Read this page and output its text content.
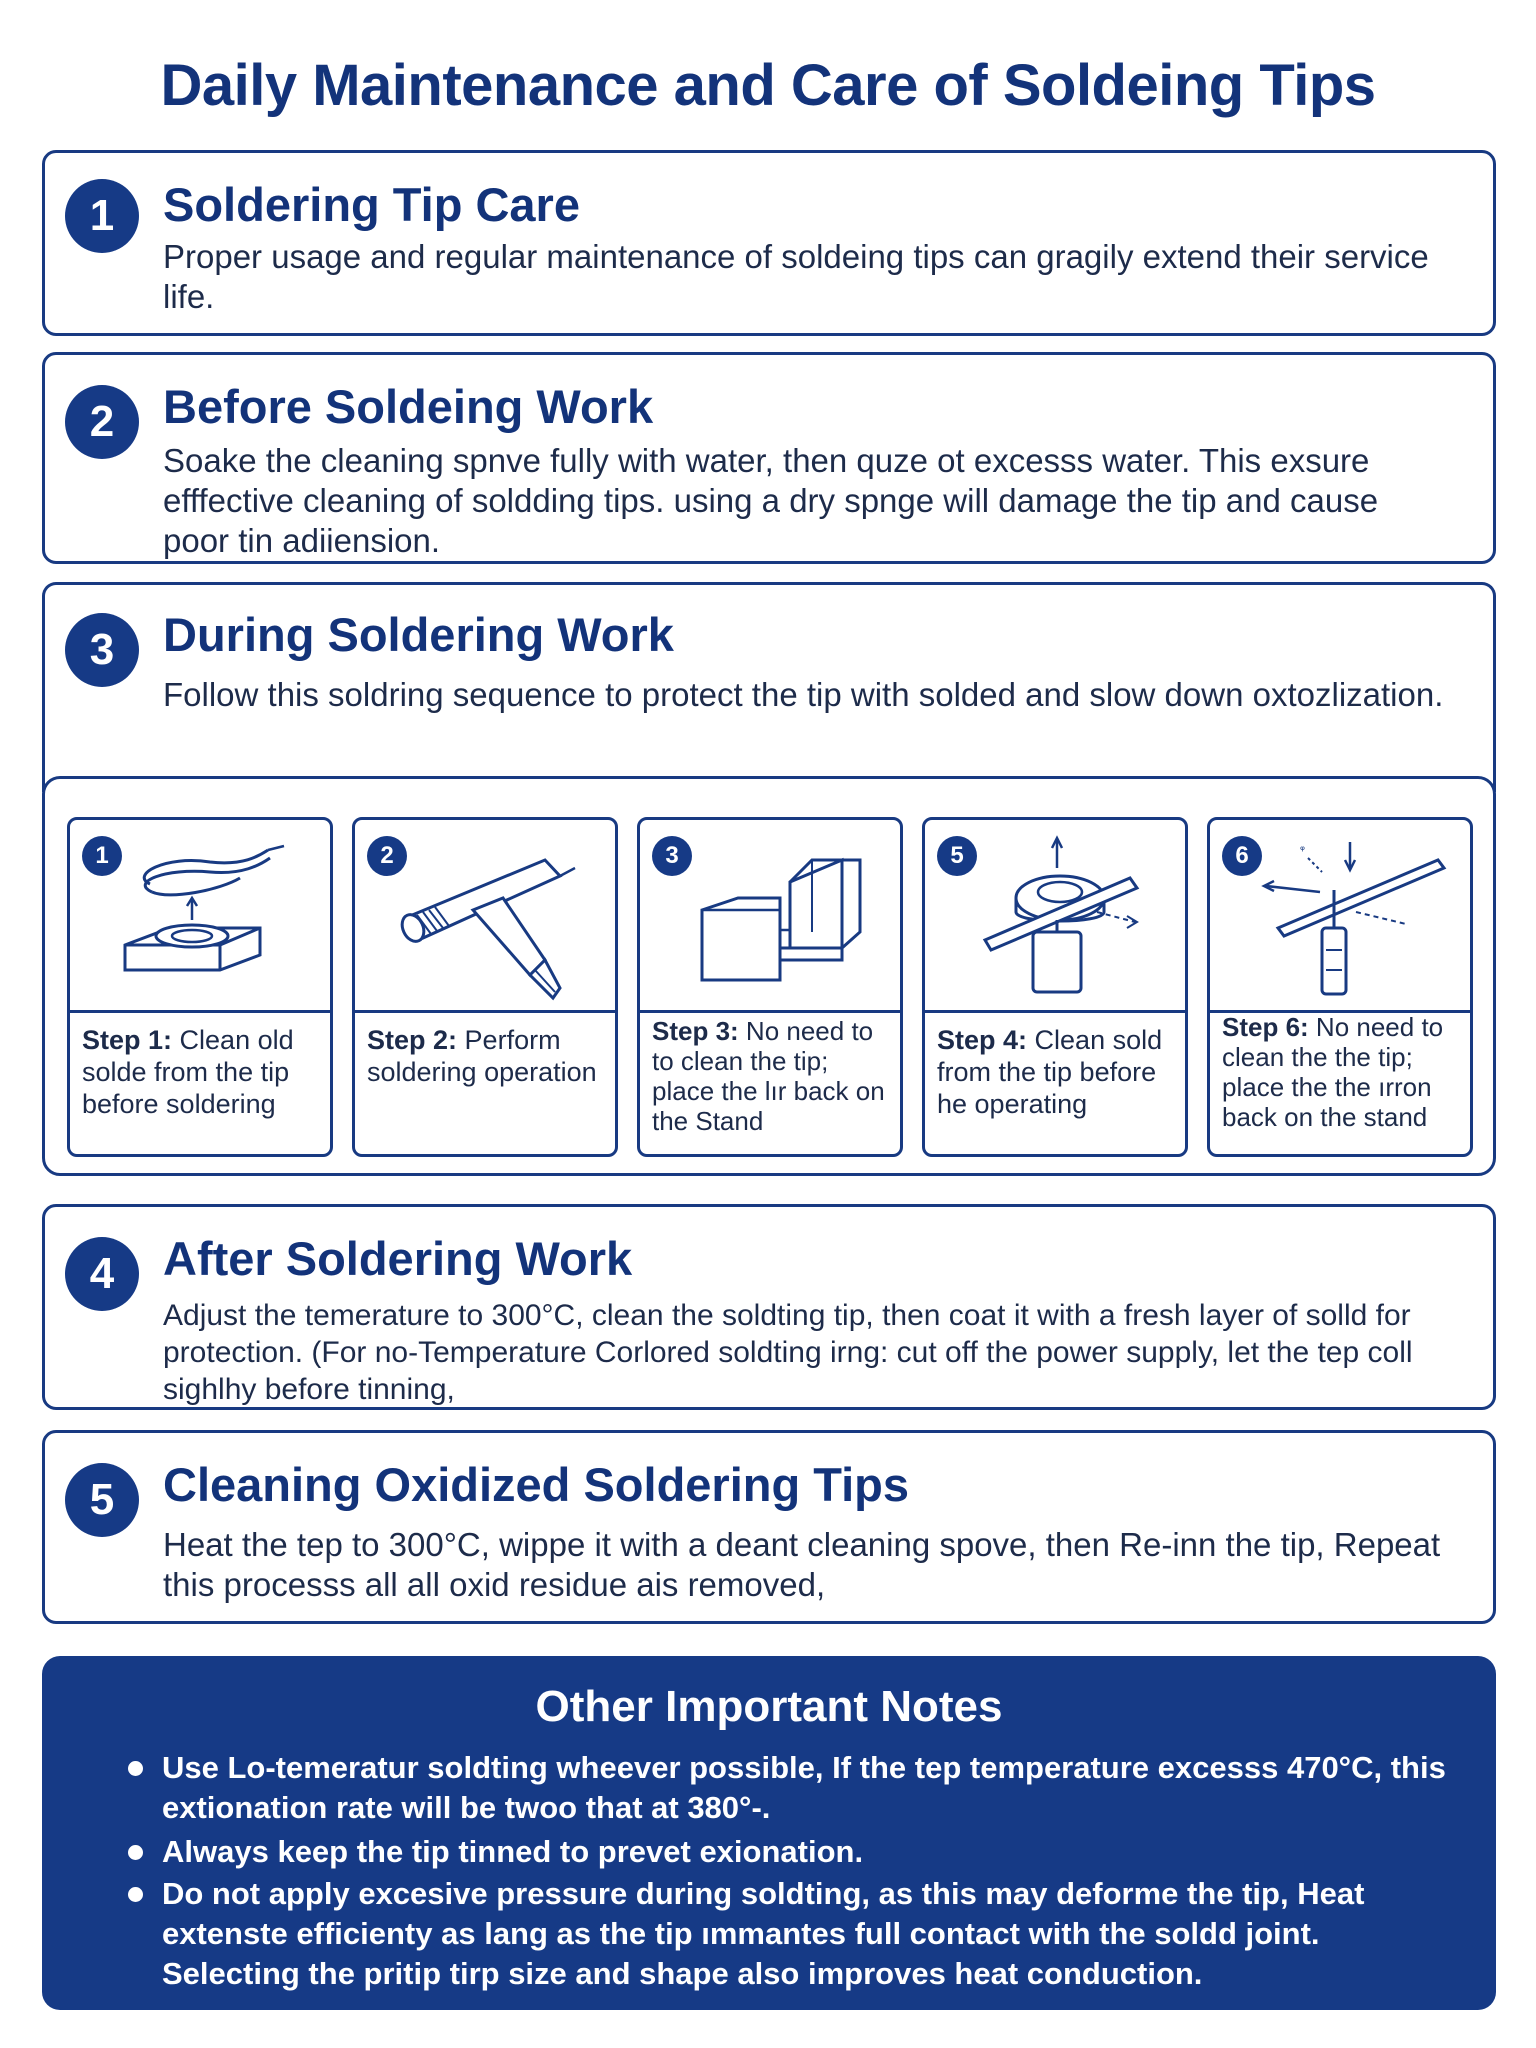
Daily Maintenance and Care of Soldeing Tips
1	Soldering Tip Care
Proper usage and regular maintenance of soldeing tips can gragily extend their service life.
2	Before Soldeing Work
Soake the cleaning spnve fully with water, then quze ot excesss water. This exsure efffective cleaning of soldding tips. using a dry spnge will damage the tip and cause poor tin adiiension.
3	During Soldering Work
Follow this soldring sequence to protect the tip with solded and slow down oxtozlization.
1
Step 1: Clean old solde from the tip before soldering
2
Step 2: Perform soldering operation
3
Step 3: No need to to clean the tip; place the lır back on the Stand
5
Step 4: Clean sold from the tip before he operating
ᵠ
6
Step 6: No need to clean the the tip; place the the ırron back on the stand
4	After Soldering Work
Adjust the temerature to 300°C, clean the soldting tip, then coat it with a fresh layer of solld for protection. (For no-Temperature Corlored soldting irng: cut off the power supply, let the tep coll sighlhy before tinning,
5	Cleaning Oxidized Soldering Tips
Heat the tep to 300°C, wippe it with a deant cleaning spove, then Re-inn the tip, Repeat this processs all all oxid residue ais removed,
Other Important Notes
Use Lo-temeratur soldting wheever possible, If the tep temperature excesss 470°C, this extionation rate will be twoo that at 380°-.
Always keep the tip tinned to prevet exionation.
Do not apply excesive pressure during soldting, as this may deforme the tip, Heat extenste efficienty as lang as the tip ımmantes full contact with the soldd joint. Selecting the pritip tirp size and shape also improves heat conduction.
